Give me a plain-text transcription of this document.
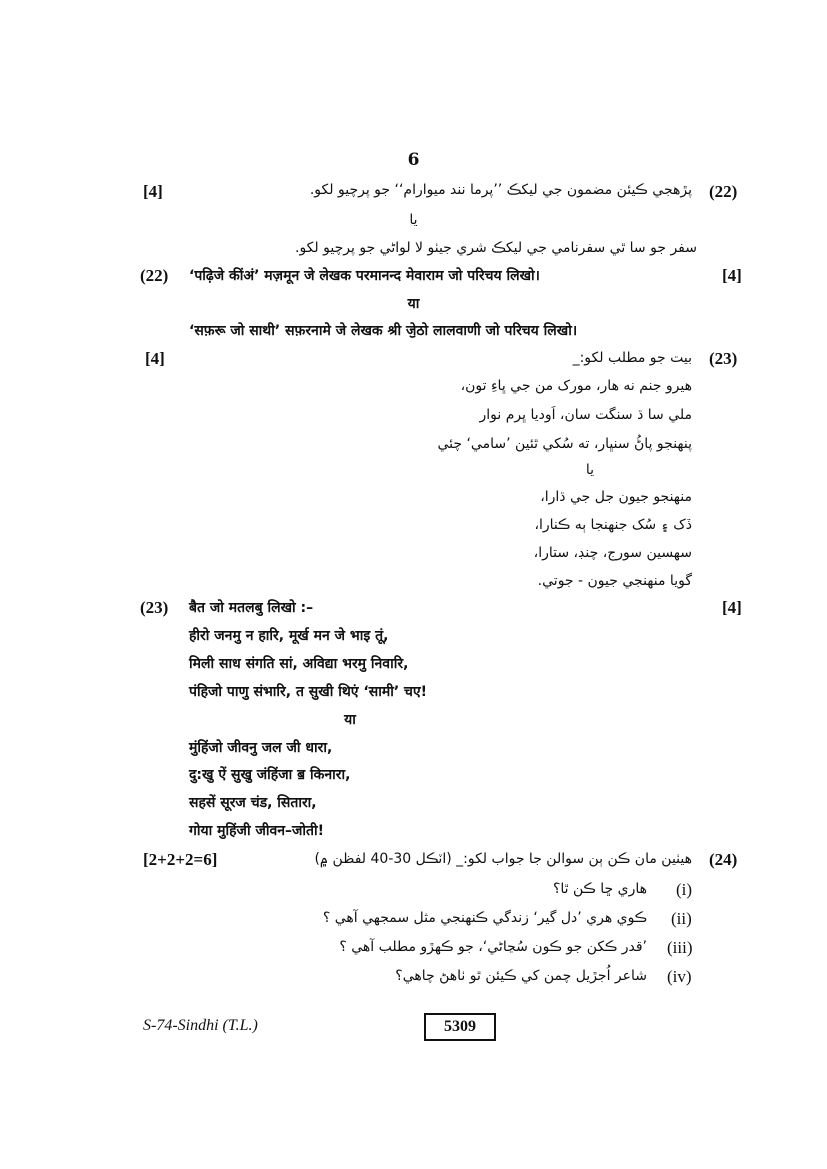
6
[4]	پڙهجي ڪيئن مضمون جي ليکڪ ’’پرما نند ميوارام‘‘ جو پرچيو لکو. (22)
يا
سفر جو سا ٿي سفرنامي جي ليکڪ شري جيٺو لا لواڻي جو پرچيو لکو.
(22) ‘पढ़िजे कींअं’ मज़मून जे लेखक परमानन्द मेवाराम जो परिचय लिखो।	[4]
या
‘सफ़रू जो साथी’ सफ़रनामे जे लेखक श्री जॖेठो लालवाणी जो परिचय लिखो।
[4]	بيت جو مطلب لکو:_ (23)
هيرو جنم نه هار، مورک من جي ڀاءِ تون،
ملي سا ڌ سنگت سان، اَوديا ڀرم نوار
پنهنجو پاڻُ سنڀار، ته سُکي ٿئين ’سامي‘ چئي
يا
منهنجو جيون جل جي ڌارا،
ڏک ۽ سُک جنهنجا ٻه ڪنارا،
سهسين سورج، چنڊ، ستارا،
گويا منهنجي جيون - جوتي.
(23) बैत जो मतलबु लिखो :–	[4]
हीरो जनमु न हारि, मूर्ख मन जे भाइ तूं,
मिली साध संगति सां, अविद्या भरमु निवारि,
पंहिजो पाणु संभारि, त सुखी थिएं ‘सामी’ चए!
या
मुंहिंजो जीवनु जल जी धारा,
दु:खु ऐं सुखु जंहिंजा ॿ किनारा,
सहसें सूरज चंड, सितारा,
गोया मुहिंजी जीवन–जोती!
[2+2+2=6]	هيٺين مان ڪن ٻن سوالن جا جواب لکو:_ (اٽڪل 30-40 لفظن ۾) (24)
هاري ڇا ڪن ٿا؟ (i)
ڪوي هري ’دل گير‘ زندگي ڪنهنجي مثل سمجهي آهي ؟ (ii)
’قدر ڪکن جو ڪون سُڃاڻي‘، جو ڪهڙو مطلب آهي ؟ (iii)
شاعر اُجڙيل چمن کي ڪيئن ٿو ٺاهڻ چاهي؟ (iv)
S-74-Sindhi (T.L.)	5309
